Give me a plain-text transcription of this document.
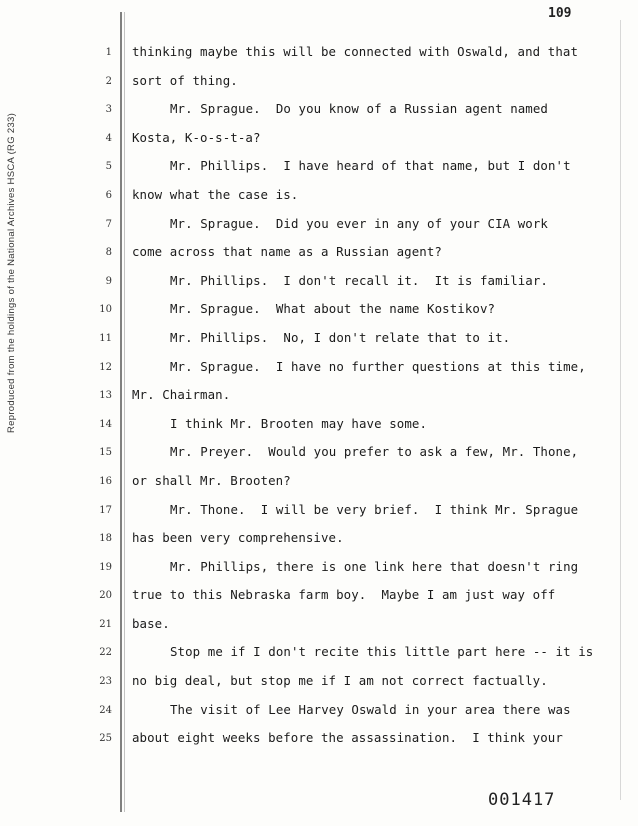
Reproduced from the holdings of the National Archives HSCA (RG 233)
109
1 thinking maybe this will be connected with Oswald, and that
2 sort of thing.
3	Mr. Sprague.  Do you know of a Russian agent named
4 Kosta, K-o-s-t-a?
5	Mr. Phillips.  I have heard of that name, but I don't
6 know what the case is.
7	Mr. Sprague.  Did you ever in any of your CIA work
8 come across that name as a Russian agent?
9	Mr. Phillips.  I don't recall it.  It is familiar.
10	Mr. Sprague.  What about the name Kostikov?
11	Mr. Phillips.  No, I don't relate that to it.
12	Mr. Sprague.  I have no further questions at this time,
13 Mr. Chairman.
14	I think Mr. Brooten may have some.
15	Mr. Preyer.  Would you prefer to ask a few, Mr. Thone,
16 or shall Mr. Brooten?
17	Mr. Thone.  I will be very brief.  I think Mr. Sprague
18 has been very comprehensive.
19	Mr. Phillips, there is one link here that doesn't ring
20 true to this Nebraska farm boy.  Maybe I am just way off
21 base.
22	Stop me if I don't recite this little part here -- it is
23 no big deal, but stop me if I am not correct factually.
24	The visit of Lee Harvey Oswald in your area there was
25 about eight weeks before the assassination.  I think your
001417
